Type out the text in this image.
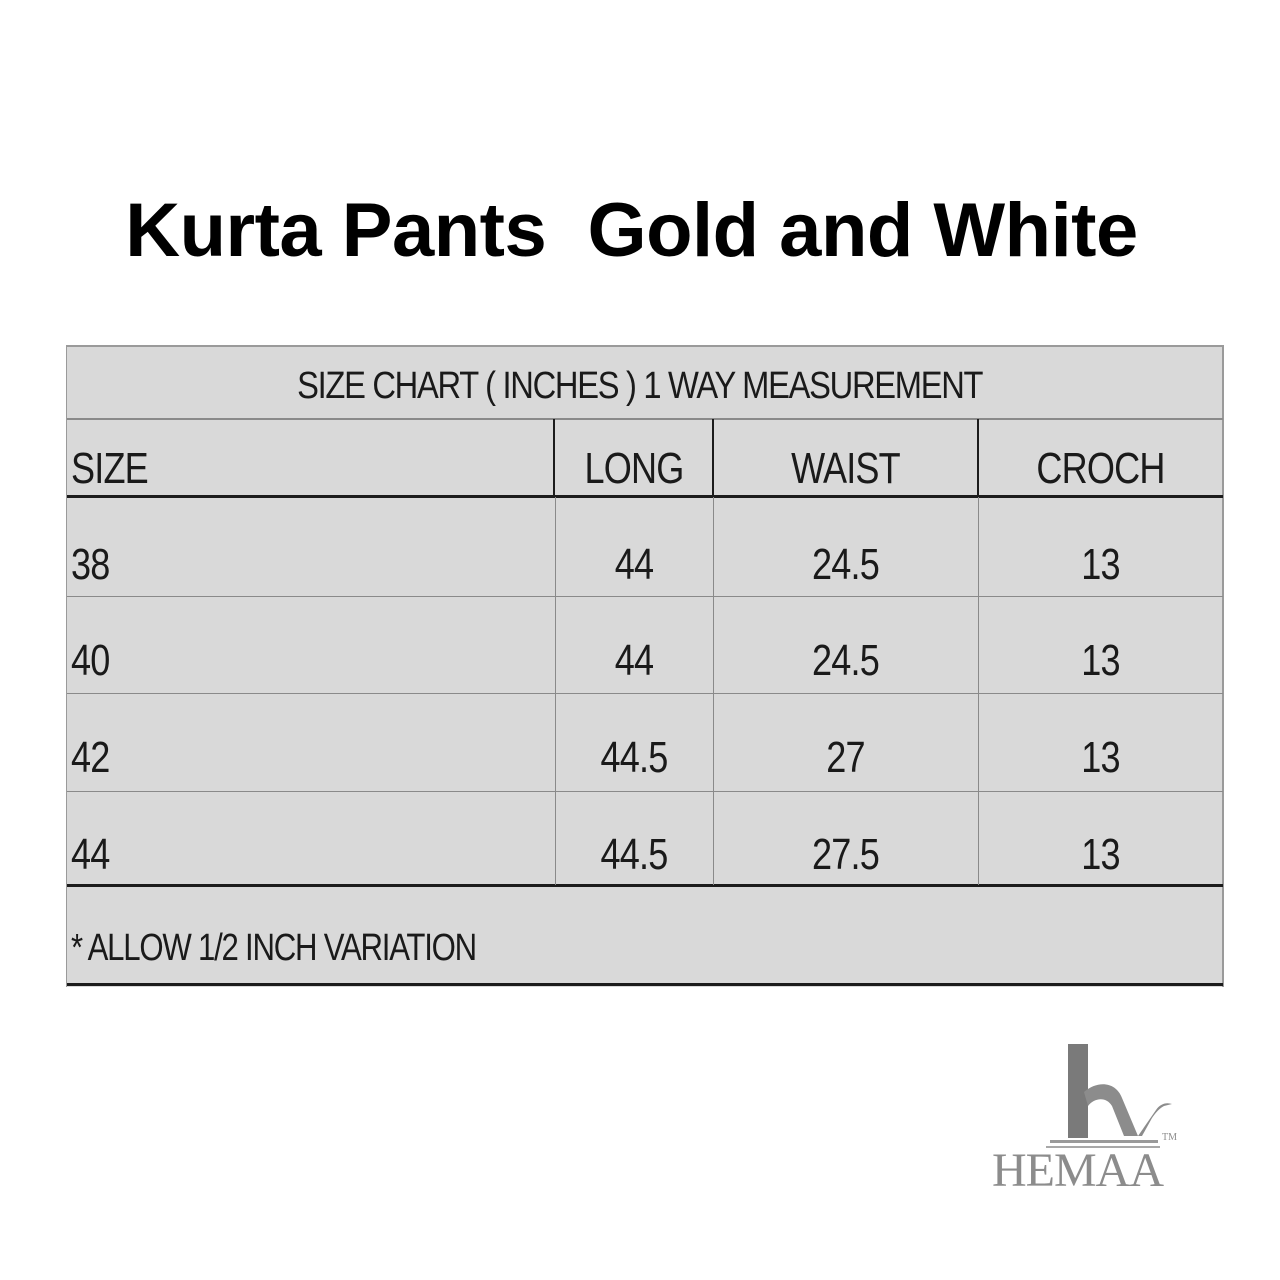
Kurta Pants  Gold and White
SIZE CHART ( INCHES ) 1 WAY MEASUREMENT
SIZE	LONG	WAIST	CROCH
38	44	24.5	13
40	44	24.5	13
42	44.5	27	13
44	44.5	27.5	13
* ALLOW 1/2 INCH VARIATION
TM
HEMAA
